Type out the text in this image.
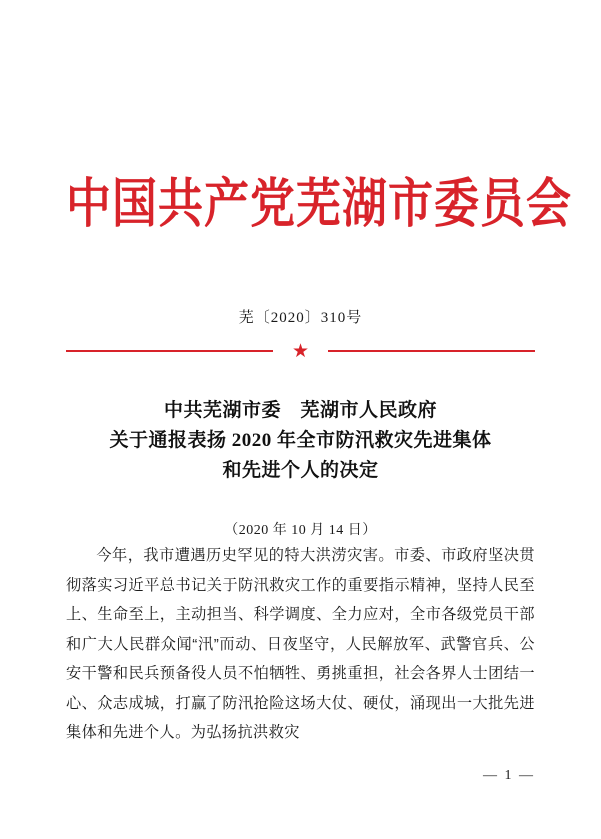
中国共产党芜湖市委员会
芜〔2020〕310号
★
中共芜湖市委　芜湖市人民政府
关于通报表扬 2020 年全市防汛救灾先进集体
和先进个人的决定
（2020 年 10 月 14 日）
今年，我市遭遇历史罕见的特大洪涝灾害。市委、市政府坚决贯彻落实习近平总书记关于防汛救灾工作的重要指示精神，坚持人民至上、生命至上，主动担当、科学调度、全力应对，全市各级党员干部和广大人民群众闻“汛”而动、日夜坚守，人民解放军、武警官兵、公安干警和民兵预备役人员不怕牺牲、勇挑重担，社会各界人士团结一心、众志成城，打赢了防汛抢险这场大仗、硬仗，涌现出一大批先进集体和先进个人。为弘扬抗洪救灾
— 1 —
